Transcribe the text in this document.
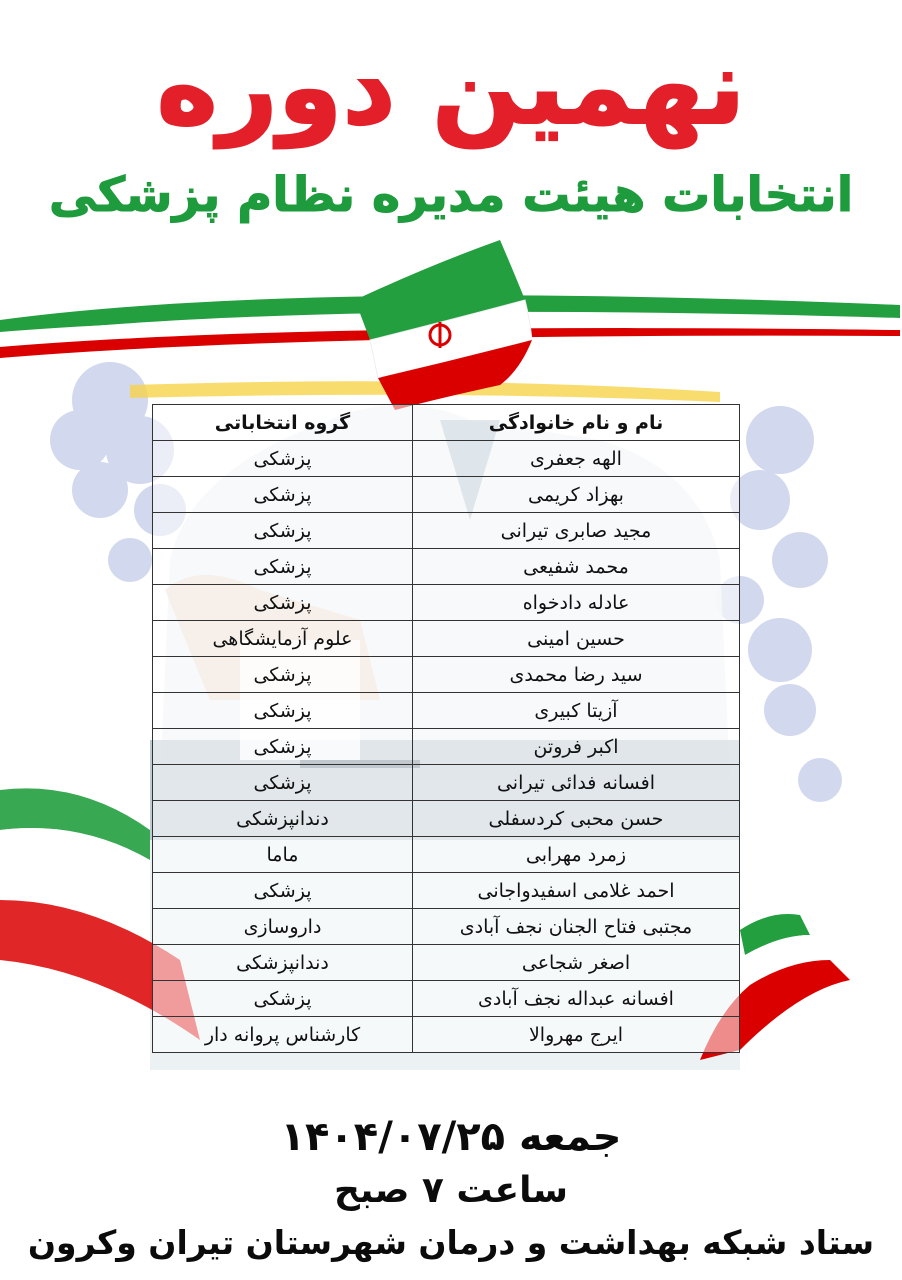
نهمین دوره
انتخابات هیئت مدیره نظام پزشکی
نام و نام خانوادگی	گروه انتخاباتی
الهه جعفری	پزشکی
بهزاد کریمی	پزشکی
مجید صابری تیرانی	پزشکی
محمد شفیعی	پزشکی
عادله دادخواه	پزشکی
حسین امینی	علوم آزمایشگاهی
سید رضا محمدی	پزشکی
آزیتا کبیری	پزشکی
اکبر فروتن	پزشکی
افسانه فدائی تیرانی	پزشکی
حسن محبی کردسفلی	دندانپزشکی
زمرد مهرابی	ماما
احمد غلامی اسفیدواجانی	پزشکی
مجتبی فتاح الجنان نجف آبادی	داروسازی
اصغر شجاعی	دندانپزشکی
افسانه عبداله نجف آبادی	پزشکی
ایرج مهروالا	کارشناس پروانه دار
جمعه ۱۴۰۴/۰۷/۲۵
ساعت ۷ صبح
ستاد شبکه بهداشت و درمان شهرستان تیران وکرون
